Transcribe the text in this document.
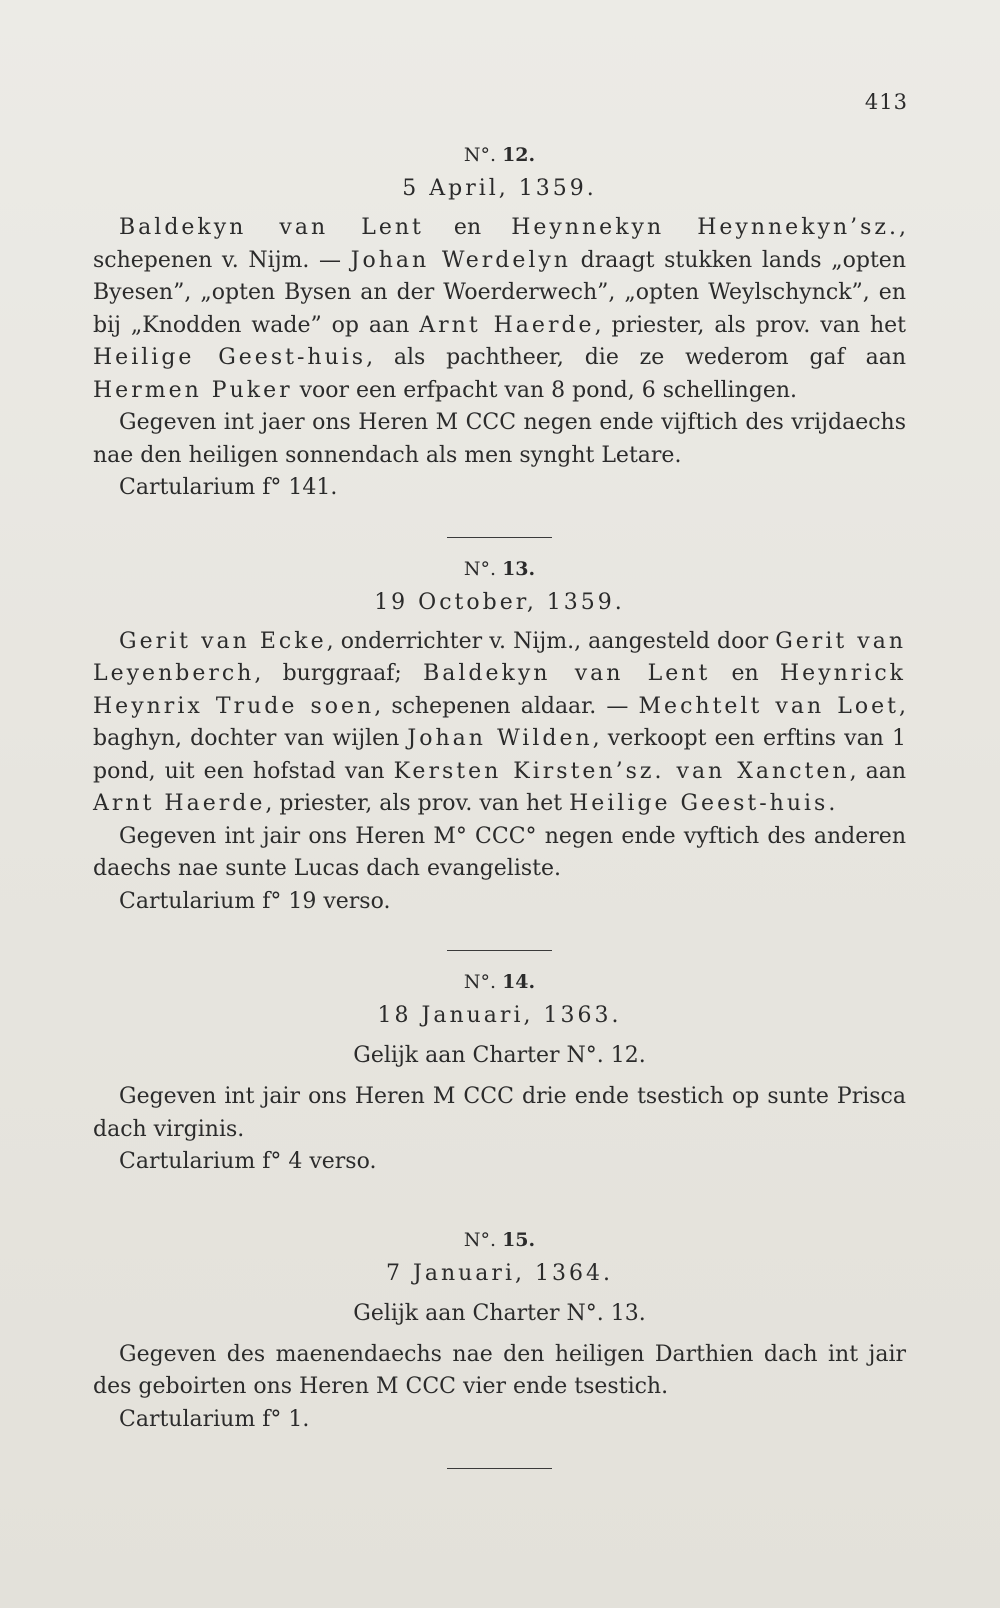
413
N°. 12.
5 April, 1359.

Baldekyn van Lent en Heynnekyn Heynnekyn’sz., schepenen v. Nijm. — Johan Werdelyn draagt stukken lands „opten Byesen”, „opten Bysen an der Woerderwech”, „opten Weylschynck”, en bij „Knodden wade” op aan Arnt Haerde, priester, als prov. van het Heilige Geest-huis, als pachtheer, die ze wederom gaf aan Hermen Puker voor een erfpacht van 8 pond, 6 schellingen.

Gegeven int jaer ons Heren M CCC negen ende vijftich des vrijdaechs nae den heiligen sonnendach als men synght Letare.

Cartularium f° 141.

N°. 13.
19 October, 1359.

Gerit van Ecke, onderrichter v. Nijm., aangesteld door Gerit van Leyenberch, burggraaf; Baldekyn van Lent en Heynrick Heynrix Trude soen, schepenen aldaar. — Mechtelt van Loet, baghyn, dochter van wijlen Johan Wilden, verkoopt een erftins van 1 pond, uit een hofstad van Kersten Kirsten’sz. van Xancten, aan Arnt Haerde, priester, als prov. van het Heilige Geest-huis.

Gegeven int jair ons Heren M° CCC° negen ende vyftich des anderen daechs nae sunte Lucas dach evangeliste.

Cartularium f° 19 verso.

N°. 14.
18 Januari, 1363.
Gelijk aan Charter N°. 12.

Gegeven int jair ons Heren M CCC drie ende tsestich op sunte Prisca dach virginis.

Cartularium f° 4 verso.

N°. 15.
7 Januari, 1364.
Gelijk aan Charter N°. 13.

Gegeven des maenendaechs nae den heiligen Darthien dach int jair des geboirten ons Heren M CCC vier ende tsestich.

Cartularium f° 1.
